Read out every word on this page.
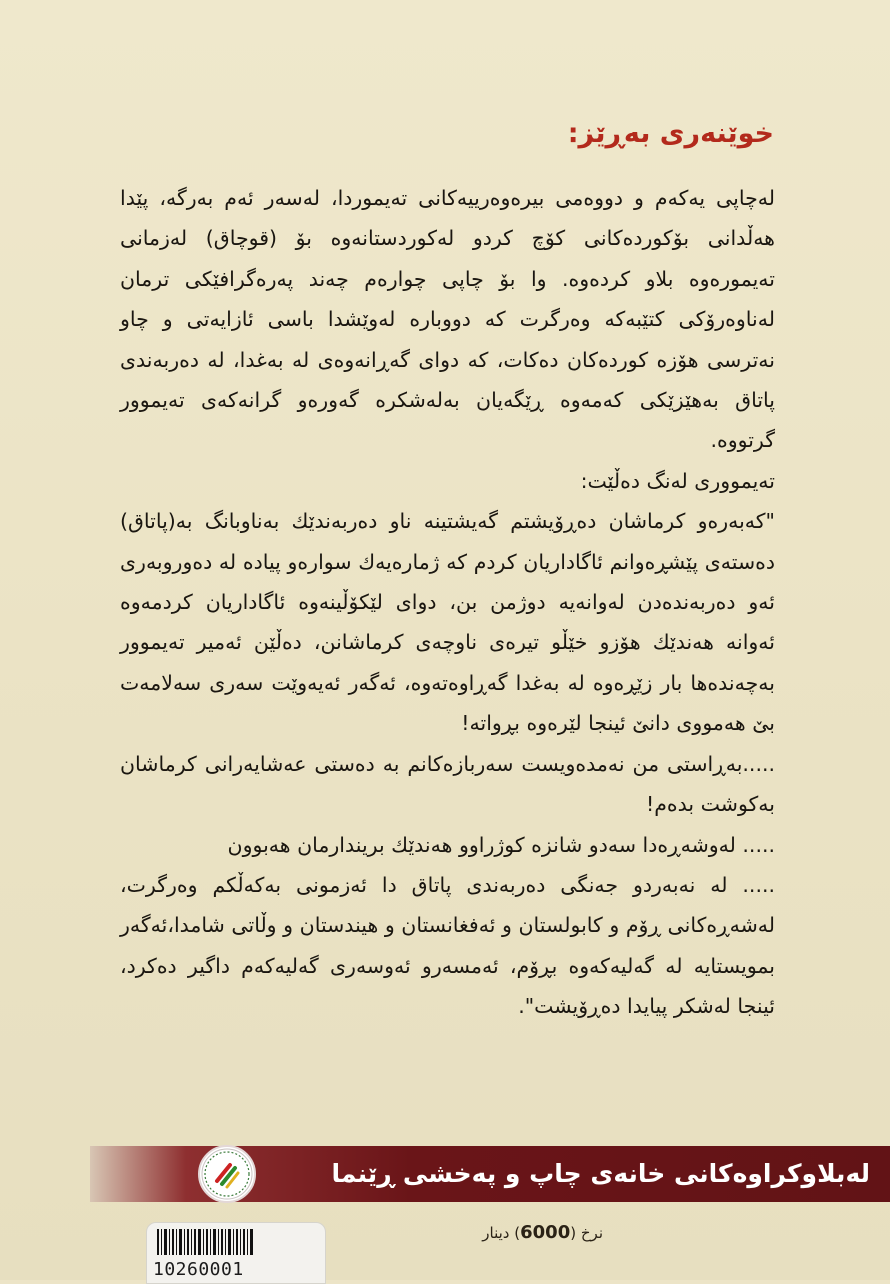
خوێنەری بەڕێز:

لەچاپی یەکەم و دووەمی بیرەوەرییەکانی تەیموردا، لەسەر ئەم بەرگە، پێدا هەڵدانی بۆکوردەکانی کۆچ کردو لەکوردستانەوە بۆ (قوچاق) لەزمانی تەیمورەوە بلاو کردەوە. وا بۆ چاپی چوارەم چەند پەرەگرافێکی ترمان لەناوەرۆکی کتێبەکە وەرگرت کە دووبارە لەوێشدا باسی ئازایەتی و چاو نەترسی هۆزە کوردەکان دەکات، کە دوای گەڕانەوەی لە بەغدا، لە دەربەندی پاتاق بەهێزێکی کەمەوە ڕێگەیان بەلەشکرە گەورەو گرانەکەی تەیموور گرتووە.

تەیمووری لەنگ دەڵێت:

"کەبەرەو کرماشان دەڕۆیشتم گەیشتینە ناو دەربەندێك بەناوبانگ بە(پاتاق) دەستەی پێشڕەوانم ئاگاداریان کردم کە ژمارەیەك سوارەو پیادە لە دەوروبەری ئەو دەربەندەدن لەوانەیە دوژمن بن، دوای لێکۆڵینەوە ئاگاداریان کردمەوە ئەوانە هەندێك هۆزو خێڵو تیرەی ناوچەی کرماشانن، دەڵێن ئەمیر تەیموور بەچەندەها بار زێڕەوە لە بەغدا گەڕاوەتەوە، ئەگەر ئەیەوێت سەری سەلامەت بێ هەمووی دانێ ئینجا لێرەوە بڕواتە!

.....بەڕاستی من نەمدەویست سەربازەکانم بە دەستی عەشایەرانی کرماشان بەکوشت بدەم!

..... لەوشەڕەدا سەدو شانزە کوژراوو هەندێك بریندارمان هەبوون

..... لە نەبەردو جەنگی دەربەندی پاتاق دا ئەزمونی بەکەڵکم وەرگرت، لەشەڕەکانی ڕۆم و کابولستان و ئەفغانستان و هیندستان و وڵاتی شامدا،ئەگەر بمویستایە لە گەلیەکەوە بڕۆم، ئەمسەرو ئەوسەری گەلیەکەم داگیر دەکرد، ئینجا لەشکر پیایدا دەڕۆیشت".

لەبلاوکراوەکانی خانەی چاپ و پەخشی ڕێنما
نرخ (6000) دینار
10260001
